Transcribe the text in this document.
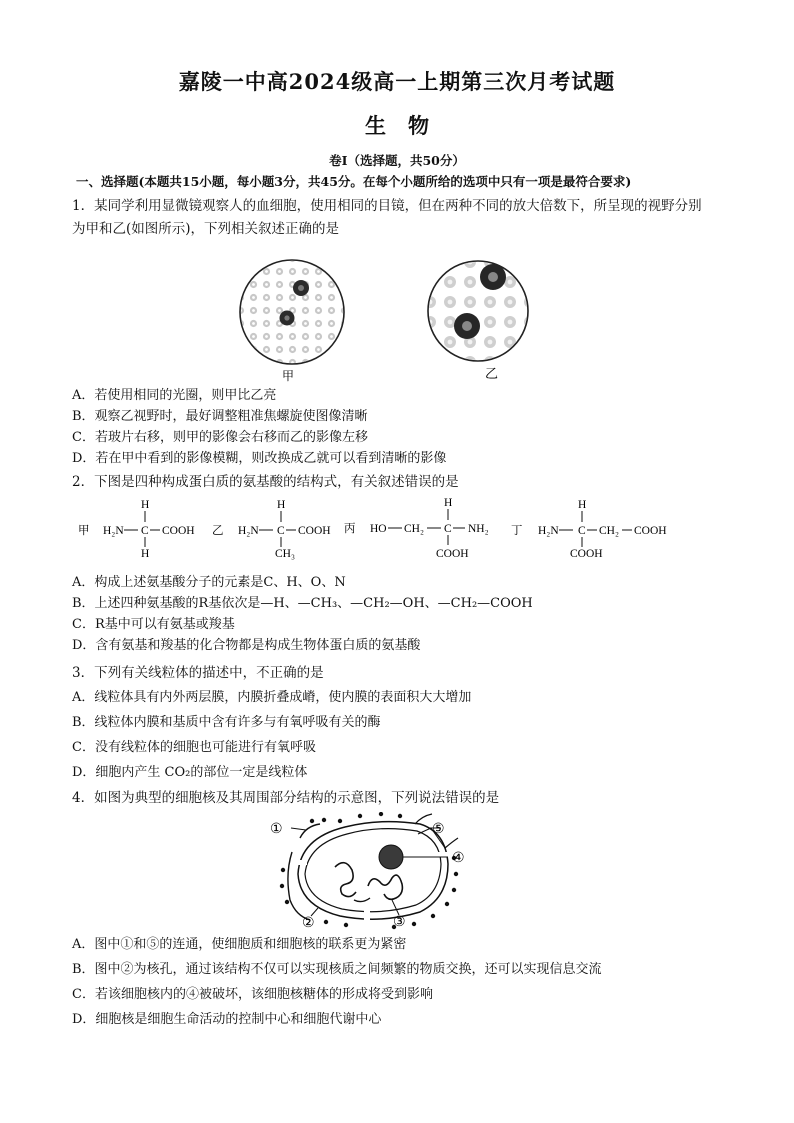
嘉陵一中高2024级高一上期第三次月考试题
生物
卷Ⅰ（选择题，共50分）
一、选择题(本题共15小题，每小题3分，共45分。在每个小题所给的选项中只有一项是最符合要求)
1．某同学利用显微镜观察人的血细胞，使用相同的目镜，但在两种不同的放大倍数下，所呈现的视野分别
为甲和乙(如图所示)，下列相关叙述正确的是
甲	乙
A．若使用相同的光圈，则甲比乙亮
B．观察乙视野时，最好调整粗准焦螺旋使图像清晰
C．若玻片右移，则甲的影像会右移而乙的影像左移
D．若在甲中看到的影像模糊，则改换成乙就可以看到清晰的影像
2．下图是四种构成蛋白质的氨基酸的结构式，有关叙述错误的是
甲
H
H₂N C COOH
H
乙
H
H₂N C COOH
CH₃
丙 HO CH₂
H
C NH₂
COOH
丁
H
H₂N C CH₂ COOH
COOH
A．构成上述氨基酸分子的元素是C、H、O、N
B．上述四种氨基酸的R基依次是—H、—CH₃、—CH₂—OH、—CH₂—COOH
C．R基中可以有氨基或羧基
D．含有氨基和羧基的化合物都是构成生物体蛋白质的氨基酸
3．下列有关线粒体的描述中，不正确的是
A．线粒体具有内外两层膜，内膜折叠成嵴，使内膜的表面积大大增加
B．线粒体内膜和基质中含有许多与有氧呼吸有关的酶
C．没有线粒体的细胞也可能进行有氧呼吸
D．细胞内产生 CO₂的部位一定是线粒体
4．如图为典型的细胞核及其周围部分结构的示意图，下列说法错误的是
①
②	③
④
⑤
A．图中①和⑤的连通，使细胞质和细胞核的联系更为紧密
B．图中②为核孔，通过该结构不仅可以实现核质之间频繁的物质交换，还可以实现信息交流
C．若该细胞核内的④被破坏，该细胞核糖体的形成将受到影响
D．细胞核是细胞生命活动的控制中心和细胞代谢中心
